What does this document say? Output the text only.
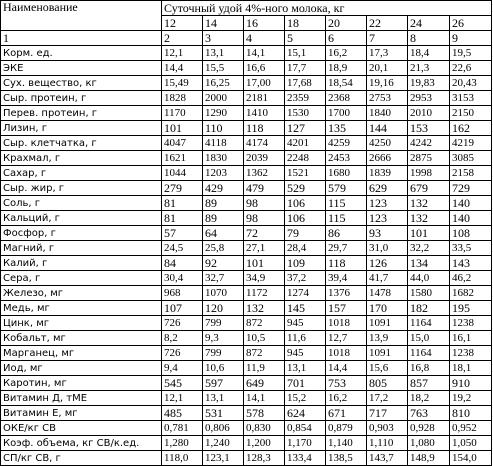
Наименование	Суточный удой 4%-ного молока, кг							
	12	14	16	18	20	22	24	26
1	2	3	4	5	6	7	8	9
Корм. ед.	12,1	13,1	14,1	15,1	16,2	17,3	18,4	19,5
ЭКЕ	14,4	15,5	16,6	17,7	18,9	20,1	21,3	22,6
Сух. вещество, кг	15,49	16,25	17,00	17,68	18,54	19,16	19,83	20,43
Сыр. протеин, г	1828	2000	2181	2359	2368	2753	2953	3153
Перев. протеин, г	1170	1290	1410	1530	1700	1840	2010	2150
Лизин, г	101	110	118	127	135	144	153	162
Сыр. клетчатка, г	4047	4118	4174	4201	4259	4250	4242	4219
Крахмал, г	1621	1830	2039	2248	2453	2666	2875	3085
Сахар, г	1044	1203	1362	1521	1680	1839	1998	2158
Сыр. жир, г	279	429	479	529	579	629	679	729
Соль, г	81	89	98	106	115	123	132	140
Кальций, г	81	89	98	106	115	123	132	140
Фосфор, г	57	64	72	79	86	93	101	108
Магний, г	24,5	25,8	27,1	28,4	29,7	31,0	32,2	33,5
Калий, г	84	92	101	109	118	126	134	143
Сера, г	30,4	32,7	34,9	37,2	39,4	41,7	44,0	46,2
Железо, мг	968	1070	1172	1274	1376	1478	1580	1682
Медь, мг	107	120	132	145	157	170	182	195
Цинк, мг	726	799	872	945	1018	1091	1164	1238
Кобальт, мг	8,2	9,3	10,5	11,6	12,7	13,9	15,0	16,1
Марганец, мг	726	799	872	945	1018	1091	1164	1238
Иод, мг	9,4	10,6	11,9	13,1	14,4	15,6	16,8	18,1
Каротин, мг	545	597	649	701	753	805	857	910
Витамин Д, тМЕ	12,1	13,1	14,1	15,2	16,2	17,2	18,2	19,2
Витамин Е, мг	485	531	578	624	671	717	763	810
ОКЕ/кг СВ	0,781	0,806	0,830	0,854	0,879	0,903	0,928	0,952
Коэф. объема, кг СВ/к.ед.	1,280	1,240	1,200	1,170	1,140	1,110	1,080	1,050
СП/кг СВ, г	118,0	123,1	128,3	133,4	138,5	143,7	148,9	154,0
